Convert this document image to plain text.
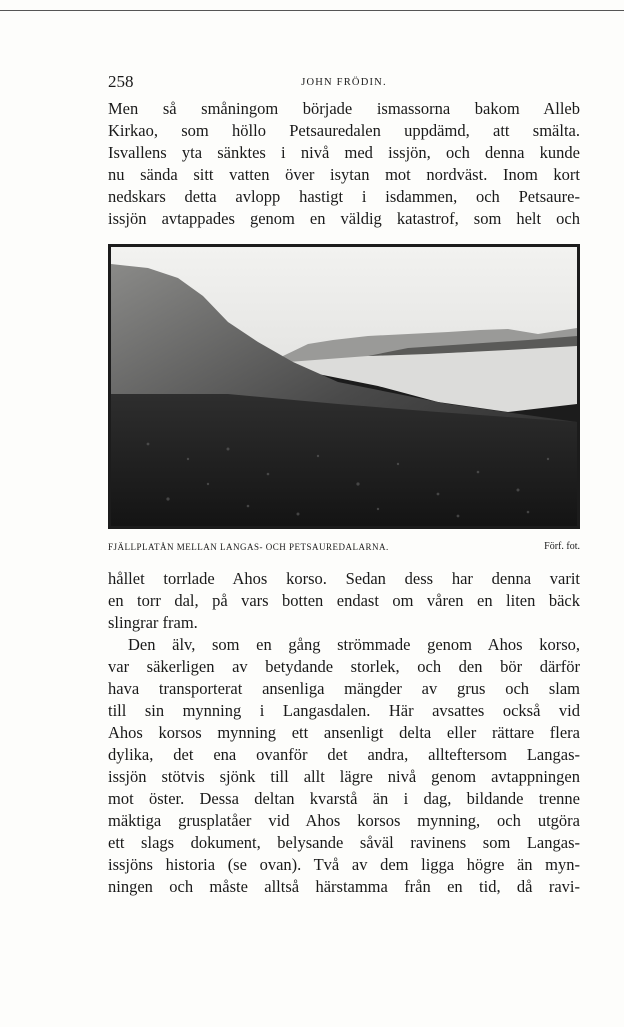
258	JOHN FRÖDIN.
Men så småningom började ismassorna bakom Alleb
Kirkao, som höllo Petsauredalen uppdämd, att smälta.
Isvallens yta sänktes i nivå med issjön, och denna kunde
nu sända sitt vatten över isytan mot nordväst. Inom kort
nedskars detta avlopp hastigt i isdammen, och Petsaure-
issjön avtappades genom en väldig katastrof, som helt och
FJÄLLPLATÅN MELLAN LANGAS- OCH PETSAUREDALARNA.	Förf. fot.
hållet torrlade Ahos korso. Sedan dess har denna varit
en torr dal, på vars botten endast om våren en liten bäck
slingrar fram.
Den älv, som en gång strömmade genom Ahos korso,
var säkerligen av betydande storlek, och den bör därför
hava transporterat ansenliga mängder av grus och slam
till sin mynning i Langasdalen. Här avsattes också vid
Ahos korsos mynning ett ansenligt delta eller rättare flera
dylika, det ena ovanför det andra, allteftersom Langas-
issjön stötvis sjönk till allt lägre nivå genom avtappningen
mot öster. Dessa deltan kvarstå än i dag, bildande trenne
mäktiga grusplatåer vid Ahos korsos mynning, och utgöra
ett slags dokument, belysande såväl ravinens som Langas-
issjöns historia (se ovan). Två av dem ligga högre än myn-
ningen och måste alltså härstamma från en tid, då ravi-
